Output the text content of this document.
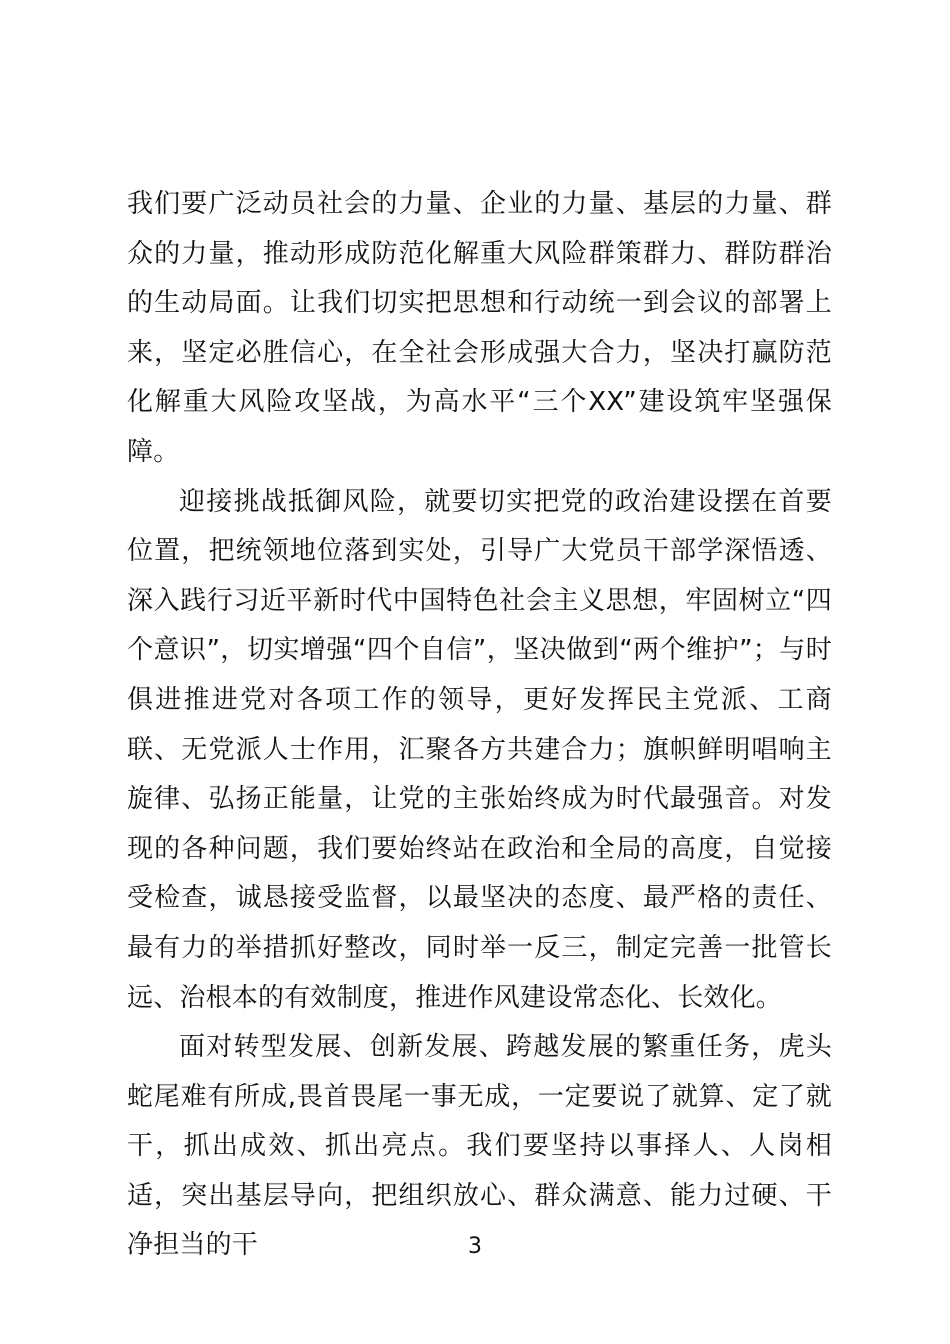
我们要广泛动员社会的力量、企业的力量、基层的力量、群众的力量，推动形成防范化解重大风险群策群力、群防群治的生动局面。让我们切实把思想和行动统一到会议的部署上来，坚定必胜信心，在全社会形成强大合力，坚决打赢防范化解重大风险攻坚战，为高水平“三个XX”建设筑牢坚强保障。

迎接挑战抵御风险，就要切实把党的政治建设摆在首要位置，把统领地位落到实处，引导广大党员干部学深悟透、深入践行习近平新时代中国特色社会主义思想，牢固树立“四个意识”，切实增强“四个自信”，坚决做到“两个维护”；与时俱进推进党对各项工作的领导，更好发挥民主党派、工商联、无党派人士作用，汇聚各方共建合力；旗帜鲜明唱响主旋律、弘扬正能量，让党的主张始终成为时代最强音。对发现的各种问题，我们要始终站在政治和全局的高度，自觉接受检查，诚恳接受监督，以最坚决的态度、最严格的责任、最有力的举措抓好整改，同时举一反三，制定完善一批管长远、治根本的有效制度，推进作风建设常态化、长效化。

面对转型发展、创新发展、跨越发展的繁重任务，虎头蛇尾难有所成,畏首畏尾一事无成，一定要说了就算、定了就干，抓出成效、抓出亮点。我们要坚持以事择人、人岗相适，突出基层导向，把组织放心、群众满意、能力过硬、干净担当的干	3
